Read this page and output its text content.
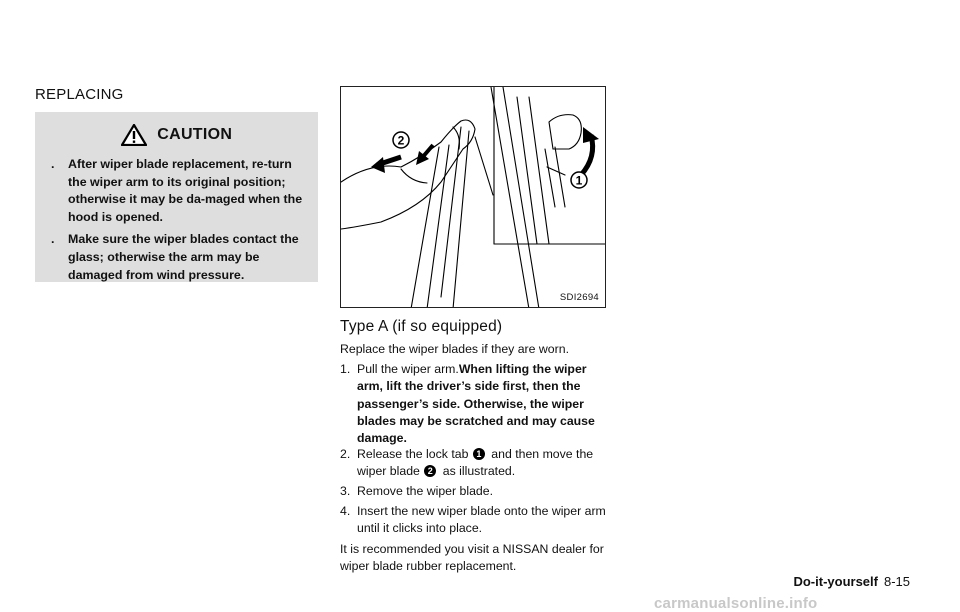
REPLACING
CAUTION
. After wiper blade replacement, re-turn the wiper arm to its original position; otherwise it may be da-maged when the hood is opened.
. Make sure the wiper blades contact the glass; otherwise the arm may be damaged from wind pressure.
2
1
SDI2694
Type A (if so equipped)
Replace the wiper blades if they are worn.
1. Pull the wiper arm.When lifting the wiper arm, lift the driver’s side first, then the passenger’s side. Otherwise, the wiper blades may be scratched and may cause damage.
2. Release the lock tab 1 and then move the wiper blade 2 as illustrated.
3. Remove the wiper blade.
4. Insert the new wiper blade onto the wiper arm until it clicks into place.
It is recommended you visit a NISSAN dealer for wiper blade rubber replacement.
Do-it-yourself 8-15
carmanualsonline.info
